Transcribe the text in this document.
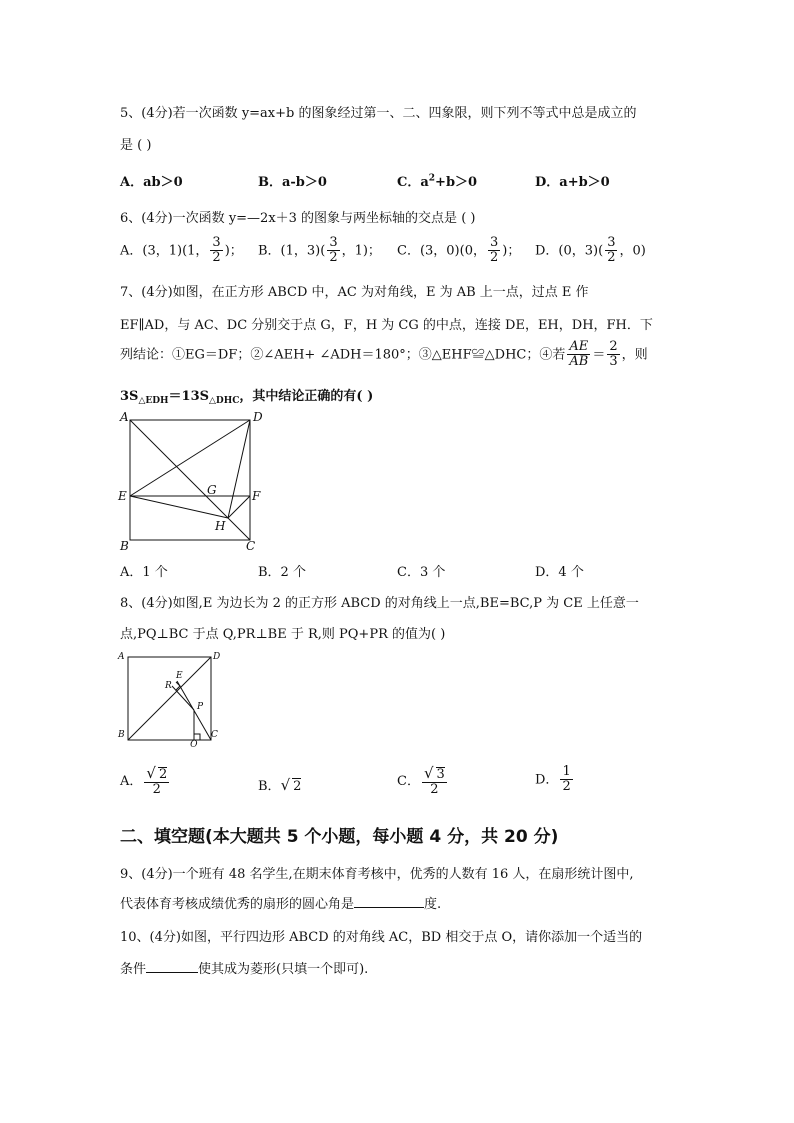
5、(4分)若一次函数 y=ax+b 的图象经过第一、二、四象限，则下列不等式中总是成立的
是 ( )
A．ab＞0	B．a-b＞0	C．$a^2+b>0$	D．a+b＞0
6、(4分)一次函数 y=—2x＋3 的图象与两坐标轴的交点是 ( )
A．(3，1)(1， $\frac{3}{2}$ )； B．(1，$3)( \frac{3}{2}$ ，1)； C．(3，0)(0， $\frac{3}{2}$ )； D．(0，$3)( \frac{3}{2}$ ，0)
7、(4分)如图，在正方形 ABCD 中，AC 为对角线，E 为 AB 上一点，过点 E 作
EF∥AD，与 AC、DC 分别交于点 G，F，H 为 CG 的中点，连接 DE，EH，DH，FH．下
列结论：①EG＝DF；②∠AEH+ ∠ADH＝180°；③△EHF≌△DHC；④若 $\frac{AE}{AB} = \frac{2}{3}$ ，则
$3S_{\triangle EDH}=13S_{\triangle DHC}$，其中结论正确的有( )
A	D
E	G	F
H
B	C
A．1 个	B．2 个	C．3 个	D．4 个
8、(4分)如图,E 为边长为 2 的正方形 ABCD 的对角线上一点,BE=BC,P 为 CE 上任意一
点,PQ⊥BC 于点 Q,PR⊥BE 于 R,则 PQ+PR 的值为( )
A	D
E
R
P
B
Q
C
A． $\frac{√ 2}{2}$	B．√ 2	C． $\frac{√ 3}{2}$	D． $\frac{1}{2}$
二、填空题(本大题共 5 个小题，每小题 4 分，共 20 分)
9、(4分)一个班有 48 名学生,在期末体育考核中，优秀的人数有 16 人，在扇形统计图中,
代表体育考核成绩优秀的扇形的圆心角是	度.
10、(4分)如图，平行四边形 ABCD 的对角线 AC，BD 相交于点 O，请你添加一个适当的
条件	使其成为菱形(只填一个即可).
